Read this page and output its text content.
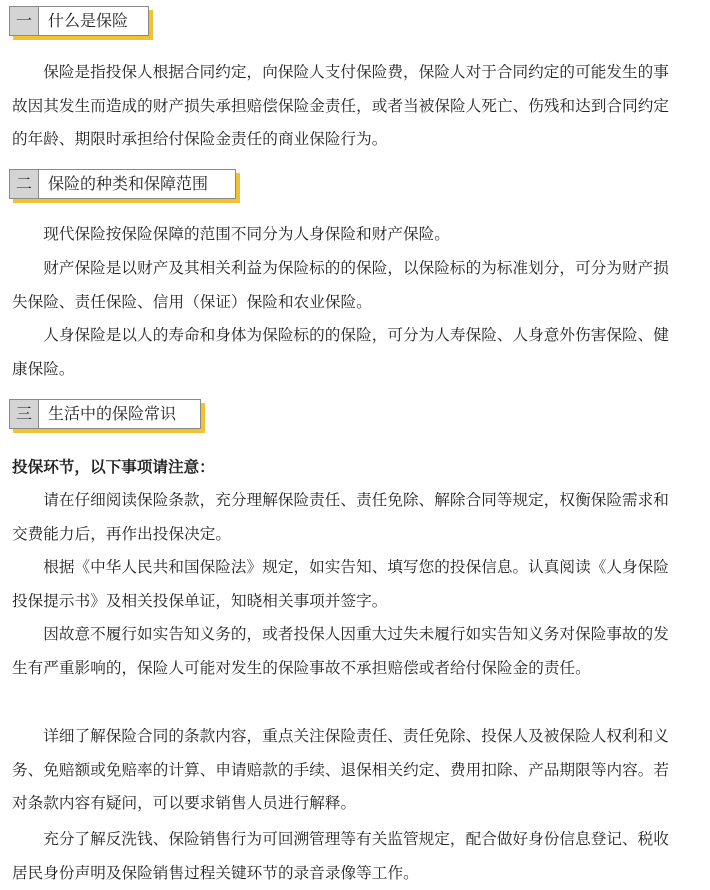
一	什么是保险

保险是指投保人根据合同约定，向保险人支付保险费，保险人对于合同约定的可能发生的事故因其发生而造成的财产损失承担赔偿保险金责任，或者当被保险人死亡、伤残和达到合同约定的年龄、期限时承担给付保险金责任的商业保险行为。

二	保险的种类和保障范围

现代保险按保险保障的范围不同分为人身保险和财产保险。

财产保险是以财产及其相关利益为保险标的的保险，以保险标的为标准划分，可分为财产损失保险、责任保险、信用（保证）保险和农业保险。

人身保险是以人的寿命和身体为保险标的的保险，可分为人寿保险、人身意外伤害保险、健康保险。

三	生活中的保险常识

投保环节，以下事项请注意：

请在仔细阅读保险条款，充分理解保险责任、责任免除、解除合同等规定，权衡保险需求和交费能力后，再作出投保决定。

根据《中华人民共和国保险法》规定，如实告知、填写您的投保信息。认真阅读《人身保险投保提示书》及相关投保单证，知晓相关事项并签字。

因故意不履行如实告知义务的，或者投保人因重大过失未履行如实告知义务对保险事故的发生有严重影响的，保险人可能对发生的保险事故不承担赔偿或者给付保险金的责任。

详细了解保险合同的条款内容，重点关注保险责任、责任免除、投保人及被保险人权利和义务、免赔额或免赔率的计算、申请赔款的手续、退保相关约定、费用扣除、产品期限等内容。若对条款内容有疑问，可以要求销售人员进行解释。

充分了解反洗钱、保险销售行为可回溯管理等有关监管规定，配合做好身份信息登记、税收居民身份声明及保险销售过程关键环节的录音录像等工作。
